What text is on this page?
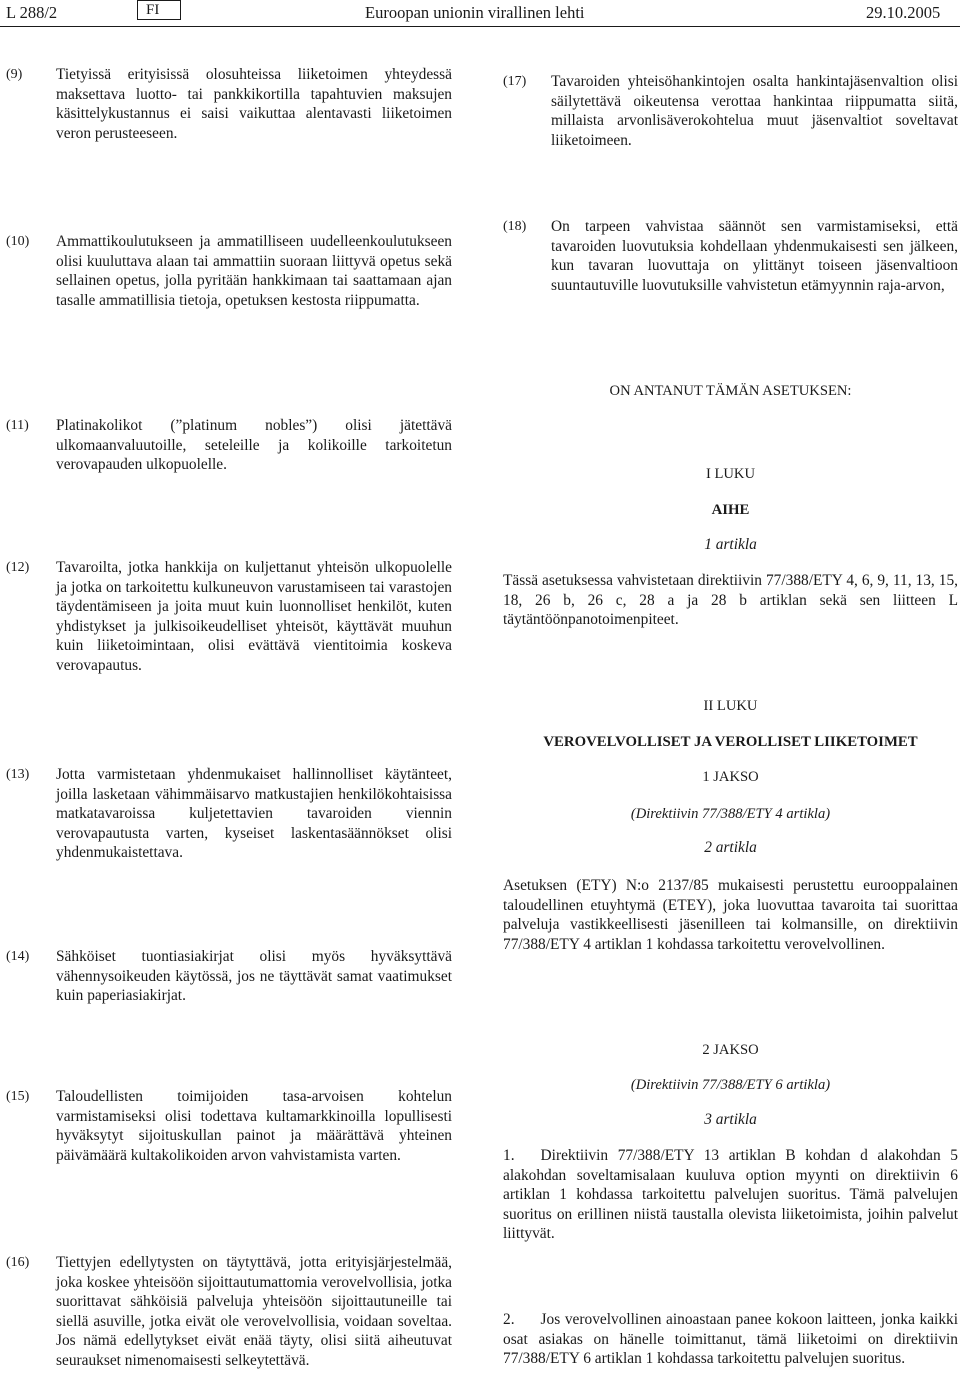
L 288/2	FI	Euroopan unionin virallinen lehti	29.10.2005
(9) Tietyissä erityisissä olosuhteissa liiketoimen yhteydessä maksettava luotto- tai pankkikortilla tapahtuvien maksujen käsittelykustannus ei saisi vaikuttaa alentavasti liiketoimen veron perusteeseen.
(10) Ammattikoulutukseen ja ammatilliseen uudelleenkoulutukseen olisi kuuluttava alaan tai ammattiin suoraan liittyvä opetus sekä sellainen opetus, jolla pyritään hankkimaan tai saattamaan ajan tasalle ammatillisia tietoja, opetuksen kestosta riippumatta.
(11) Platinakolikot (”platinum nobles”) olisi jätettävä ulkomaanvaluutoille, seteleille ja kolikoille tarkoitetun verovapauden ulkopuolelle.
(12) Tavaroilta, jotka hankkija on kuljettanut yhteisön ulkopuolelle ja jotka on tarkoitettu kulkuneuvon varustamiseen tai varastojen täydentämiseen ja joita muut kuin luonnolliset henkilöt, kuten yhdistykset ja julkisoikeudelliset yhteisöt, käyttävät muuhun kuin liiketoimintaan, olisi evättävä vientitoimia koskeva verovapautus.
(13) Jotta varmistetaan yhdenmukaiset hallinnolliset käytänteet, joilla lasketaan vähimmäisarvo matkustajien henkilökohtaisissa matkatavaroissa kuljetettavien tavaroiden viennin verovapautusta varten, kyseiset laskentasäännökset olisi yhdenmukaistettava.
(14) Sähköiset tuontiasiakirjat olisi myös hyväksyttävä vähennysoikeuden käytössä, jos ne täyttävät samat vaatimukset kuin paperiasiakirjat.
(15) Taloudellisten toimijoiden tasa-arvoisen kohtelun varmistamiseksi olisi todettava kultamarkkinoilla lopullisesti hyväksytyt sijoituskullan painot ja määrättävä yhteinen päivämäärä kultakolikoiden arvon vahvistamista varten.
(16) Tiettyjen edellytysten on täytyttävä, jotta erityisjärjestelmää, joka koskee yhteisöön sijoittautumattomia verovelvollisia, jotka suorittavat sähköisiä palveluja yhteisöön sijoittautuneille tai siellä asuville, jotka eivät ole verovelvollisia, voidaan soveltaa. Jos nämä edellytykset eivät enää täyty, olisi siitä aiheutuvat seuraukset nimenomaisesti selkeytettävä.
(17) Tavaroiden yhteisöhankintojen osalta hankintajäsenvaltion olisi säilytettävä oikeutensa verottaa hankintaa riippumatta siitä, millaista arvonlisäverokohtelua muut jäsenvaltiot soveltavat liiketoimeen.
(18) On tarpeen vahvistaa säännöt sen varmistamiseksi, että tavaroiden luovutuksia kohdellaan yhdenmukaisesti sen jälkeen, kun tavaran luovuttaja on ylittänyt toiseen jäsenvaltioon suuntautuville luovutuksille vahvistetun etämyynnin raja-arvon,
ON ANTANUT TÄMÄN ASETUKSEN:
I LUKU
AIHE
1 artikla
Tässä asetuksessa vahvistetaan direktiivin 77/388/ETY 4, 6, 9, 11, 13, 15, 18, 26 b, 26 c, 28 a ja 28 b artiklan sekä sen liitteen L täytäntöönpanotoimenpiteet.
II LUKU
VEROVELVOLLISET JA VEROLLISET LIIKETOIMET
1 JAKSO
(Direktiivin 77/388/ETY 4 artikla)
2 artikla
Asetuksen (ETY) N:o 2137/85 mukaisesti perustettu eurooppalainen taloudellinen etuyhtymä (ETEY), joka luovuttaa tavaroita tai suorittaa palveluja vastikkeellisesti jäsenilleen tai kolmansille, on direktiivin 77/388/ETY 4 artiklan 1 kohdassa tarkoitettu verovelvollinen.
2 JAKSO
(Direktiivin 77/388/ETY 6 artikla)
3 artikla
1. Direktiivin 77/388/ETY 13 artiklan B kohdan d alakohdan 5 alakohdan soveltamisalaan kuuluva option myynti on direktiivin 6 artiklan 1 kohdassa tarkoitettu palvelujen suoritus. Tämä palvelujen suoritus on erillinen niistä taustalla olevista liiketoimista, joihin palvelut liittyvät.
2. Jos verovelvollinen ainoastaan panee kokoon laitteen, jonka kaikki osat asiakas on hänelle toimittanut, tämä liiketoimi on direktiivin 77/388/ETY 6 artiklan 1 kohdassa tarkoitettu palvelujen suoritus.
